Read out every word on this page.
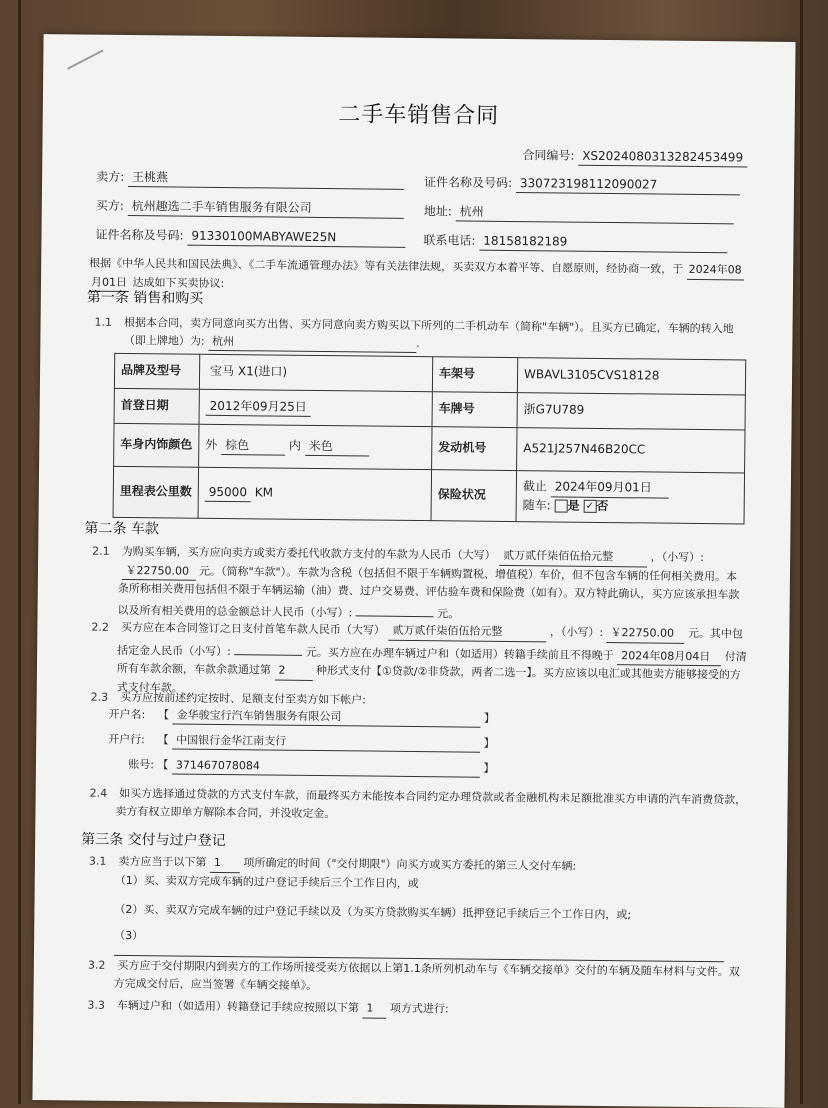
二手车销售合同
合同编号: XS2024080313282453499
卖方: 王桃燕	证件名称及号码: 330723198112090027
买方: 杭州趣选二手车销售服务有限公司	地址: 杭州
证件名称及号码: 91330100MABYAWE25N	联系电话: 18158182189
根据《中华人民共和国民法典》、《二手车流通管理办法》等有关法律法规，买卖双方本着平等、自愿原则，经协商一致，于 2024年08
月01日 达成如下买卖协议:
第一条 销售和购买
1.1 根据本合同，卖方同意向买方出售、买方同意向卖方购买以下所列的二手机动车（简称"车辆"）。且买方已确定，车辆的转入地
（即上牌地）为: 杭州	.
品牌及型号	宝马 X1(进口)	车架号	WBAVL3105CVS18128
首登日期	2012年09月25日	车牌号	浙G7U789
车身内饰颜色	外 棕色 内 米色	发动机号	A521J257N46B20CC
里程表公里数	95000 KM	保险状况	截止 2024年09月01日
随车: 是 ✓ 否
第二条 车款
2.1 为购买车辆，买方应向卖方或卖方委托代收款方支付的车款为人民币（大写） 贰万贰仟柒佰伍拾元整	，（小写）:
￥22750.00 元。（简称"车款"）。车款为含税（包括但不限于车辆购置税、增值税）车价，但不包含车辆的任何相关费用。本
条所称相关费用包括但不限于车辆运输（油）费、过户交易费、评估验车费和保险费（如有）。双方特此确认，买方应该承担车款
以及所有相关费用的总金额总计人民币（小写）:	元。
2.2 买方应在本合同签订之日支付首笔车款人民币（大写） 贰万贰仟柒佰伍拾元整	，（小写）: ￥22750.00 元。其中包
括定金人民币（小写）:	元。买方应在办理车辆过户和（如适用）转籍手续前且不得晚于 2024年08月04日 付清
所有车款余额，车款余款通过第 2	种形式支付【①贷款/②非贷款，两者二选一】。买方应该以电汇或其他卖方能够接受的方
式支付车款。
2.3 买方应按前述约定按时、足额支付至卖方如下帐户:
开户名: 【 金华骏宝行汽车销售服务有限公司	】
开户行: 【 中国银行金华江南支行	】
账号: 【 371467078084	】
2.4 如买方选择通过贷款的方式支付车款，而最终买方未能按本合同约定办理贷款或者金融机构未足额批准买方申请的汽车消费贷款，
卖方有权立即单方解除本合同，并没收定金。
第三条 交付与过户登记
3.1 卖方应当于以下第 1 项所确定的时间（"交付期限"）向买方或买方委托的第三人交付车辆:
（1）买、卖双方完成车辆的过户登记手续后三个工作日内，或
（2）买、卖双方完成车辆的过户登记手续以及（为买方贷款购买车辆）抵押登记手续后三个工作日内，或;
（3）
3.2 买方应于交付期限内到卖方的工作场所接受卖方依据以上第1.1条所列机动车与《车辆交接单》交付的车辆及随车材料与文件。双
方完成交付后，应当签署《车辆交接单》。
3.3 车辆过户和（如适用）转籍登记手续应按照以下第 1 项方式进行:
